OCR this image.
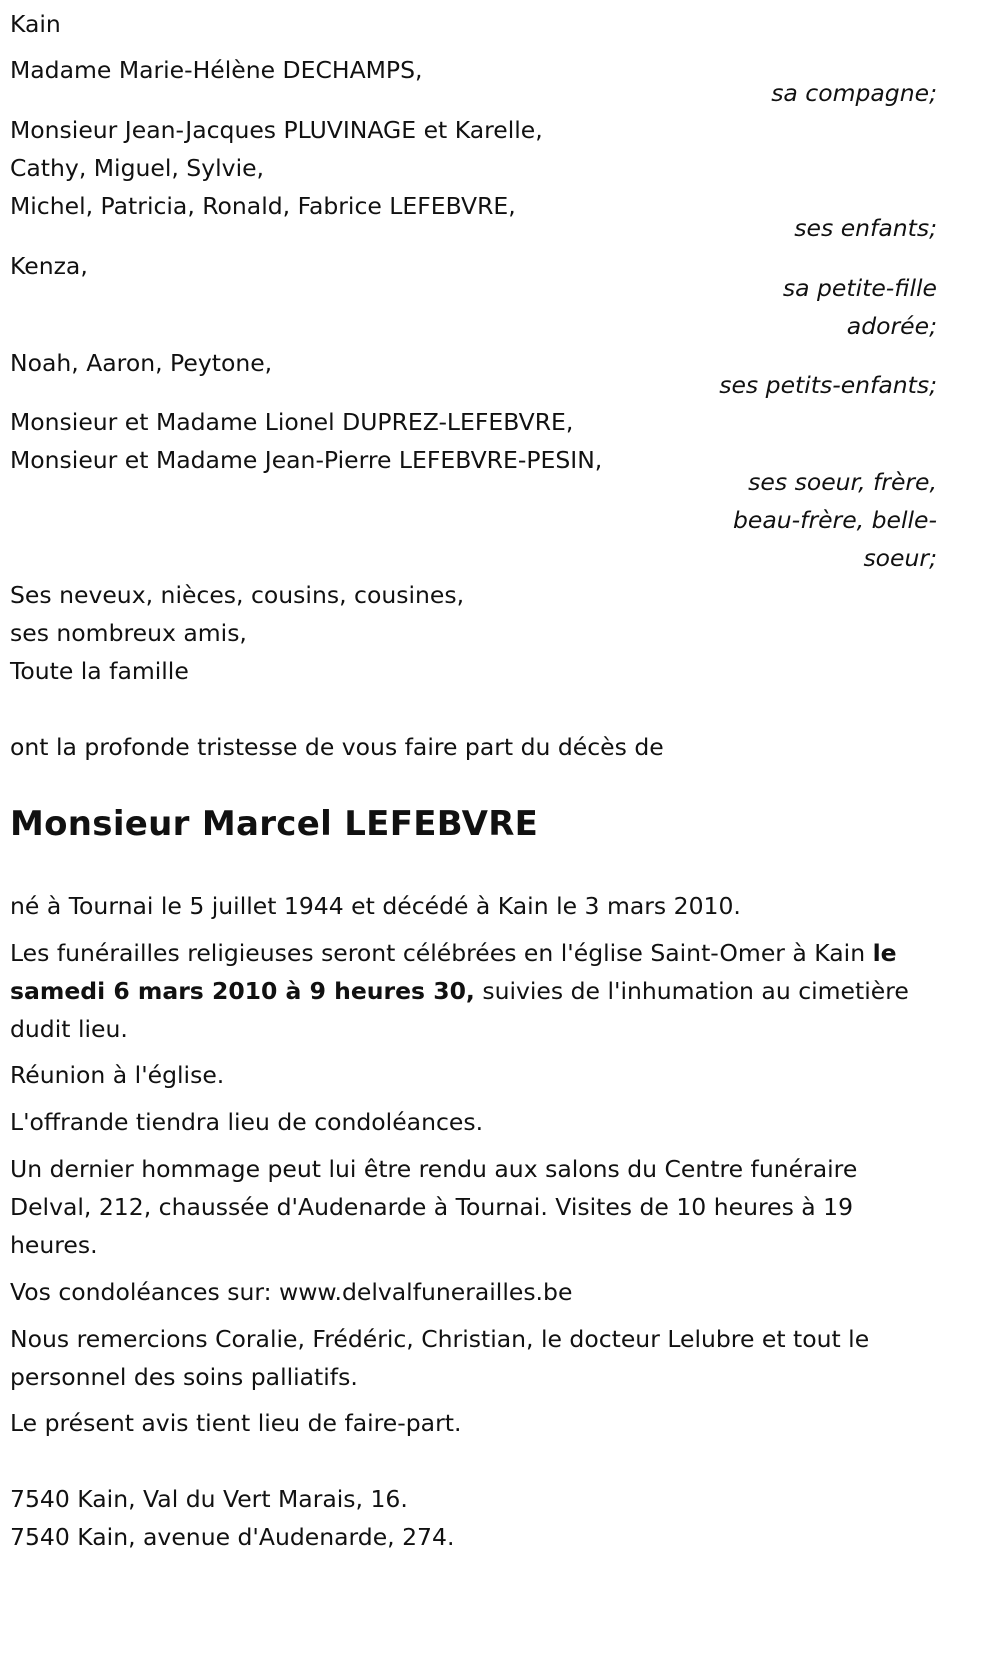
Kain
Madame Marie-Hélène DECHAMPS,
sa compagne;
Monsieur Jean-Jacques PLUVINAGE et Karelle,
Cathy, Miguel, Sylvie,
Michel, Patricia, Ronald, Fabrice LEFEBVRE,
ses enfants;
Kenza,
sa petite-fille adorée;
Noah, Aaron, Peytone,
ses petits-enfants;
Monsieur et Madame Lionel DUPREZ-LEFEBVRE,
Monsieur et Madame Jean-Pierre LEFEBVRE-PESIN,
ses soeur, frère, beau-frère, belle-soeur;
Ses neveux, nièces, cousins, cousines,
ses nombreux amis,
Toute la famille
ont la profonde tristesse de vous faire part du décès de
Monsieur Marcel LEFEBVRE
né à Tournai le 5 juillet 1944 et décédé à Kain le 3 mars 2010.
Les funérailles religieuses seront célébrées en l'église Saint-Omer à Kain le samedi 6 mars 2010 à 9 heures 30, suivies de l'inhumation au cimetière dudit lieu.
Réunion à l'église.
L'offrande tiendra lieu de condoléances.
Un dernier hommage peut lui être rendu aux salons du Centre funéraire Delval, 212, chaussée d'Audenarde à Tournai. Visites de 10 heures à 19 heures.
Vos condoléances sur: www.delvalfunerailles.be
Nous remercions Coralie, Frédéric, Christian, le docteur Lelubre et tout le personnel des soins palliatifs.
Le présent avis tient lieu de faire-part.
7540 Kain, Val du Vert Marais, 16.
7540 Kain, avenue d'Audenarde, 274.
